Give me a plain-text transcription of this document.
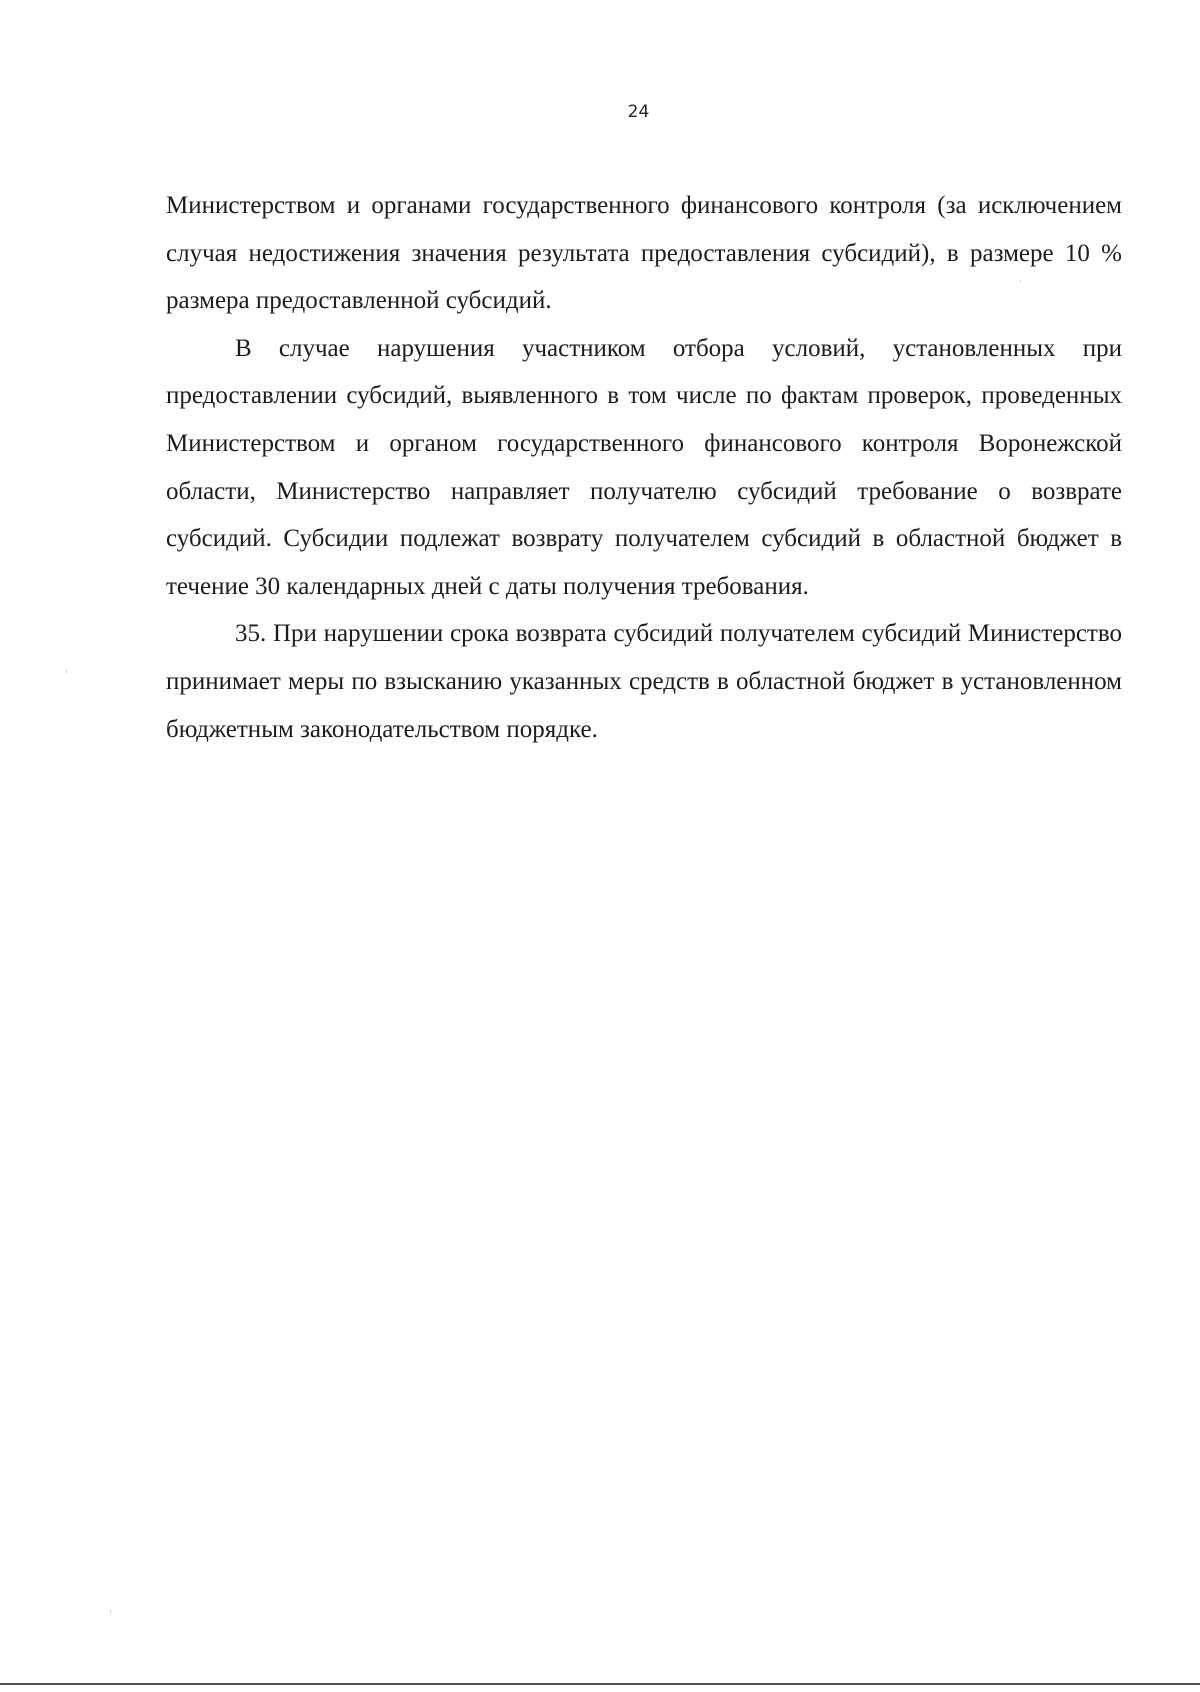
24

Министерством и органами государственного финансового контроля (за исключением случая недостижения значения результата предоставления субсидий), в размере 10 % размера предоставленной субсидий.

В случае нарушения участником отбора условий, установленных при предоставлении субсидий, выявленного в том числе по фактам проверок, проведенных Министерством и органом государственного финансового контроля Воронежской области, Министерство направляет получателю субсидий требование о возврате субсидий. Субсидии подлежат возврату получателем субсидий в областной бюджет в течение 30 календарных дней с даты получения требования.

35. При нарушении срока возврата субсидий получателем субсидий Министерство принимает меры по взысканию указанных средств в областной бюджет в установленном бюджетным законодательством порядке.
